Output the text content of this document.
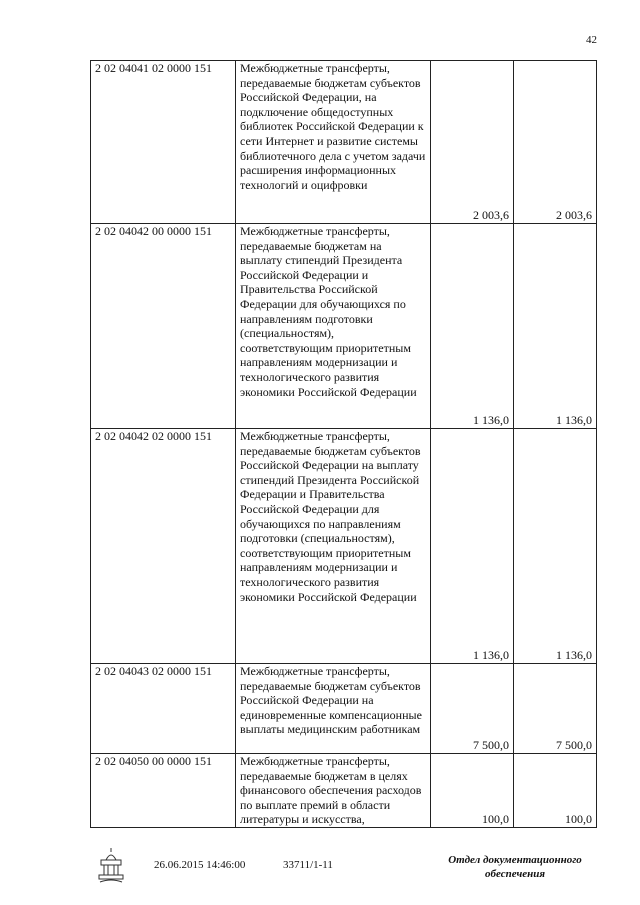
42
2 02 04041 02 0000 151	Межбюджетные трансферты, передаваемые бюджетам субъектов Российской Федерации, на подключение общедоступных библиотек Российской Федерации к сети Интернет и развитие системы библиотечного дела с учетом задачи расширения информационных технологий и оцифровки	2 003,6	2 003,6
2 02 04042 00 0000 151	Межбюджетные трансферты, передаваемые бюджетам на выплату стипендий Президента Российской Федерации и Правительства Российской Федерации для обучающихся по направлениям подготовки (специальностям), соответствующим приоритетным направлениям модернизации и технологического развития экономики Российской Федерации	1 136,0	1 136,0
2 02 04042 02 0000 151	Межбюджетные трансферты, передаваемые бюджетам субъектов Российской Федерации на выплату стипендий Президента Российской Федерации и Правительства Российской Федерации для обучающихся по направлениям подготовки (специальностям), соответствующим приоритетным направлениям модернизации и технологического развития экономики Российской Федерации	1 136,0	1 136,0
2 02 04043 02 0000 151	Межбюджетные трансферты, передаваемые бюджетам субъектов Российской Федерации на единовременные компенсационные выплаты медицинским работникам	7 500,0	7 500,0
2 02 04050 00 0000 151	Межбюджетные трансферты, передаваемые бюджетам в целях финансового обеспечения расходов по выплате премий в области литературы и искусства,	100,0	100,0
26.06.2015 14:46:00	33711/1-11	Отдел документационного
обеспечения
